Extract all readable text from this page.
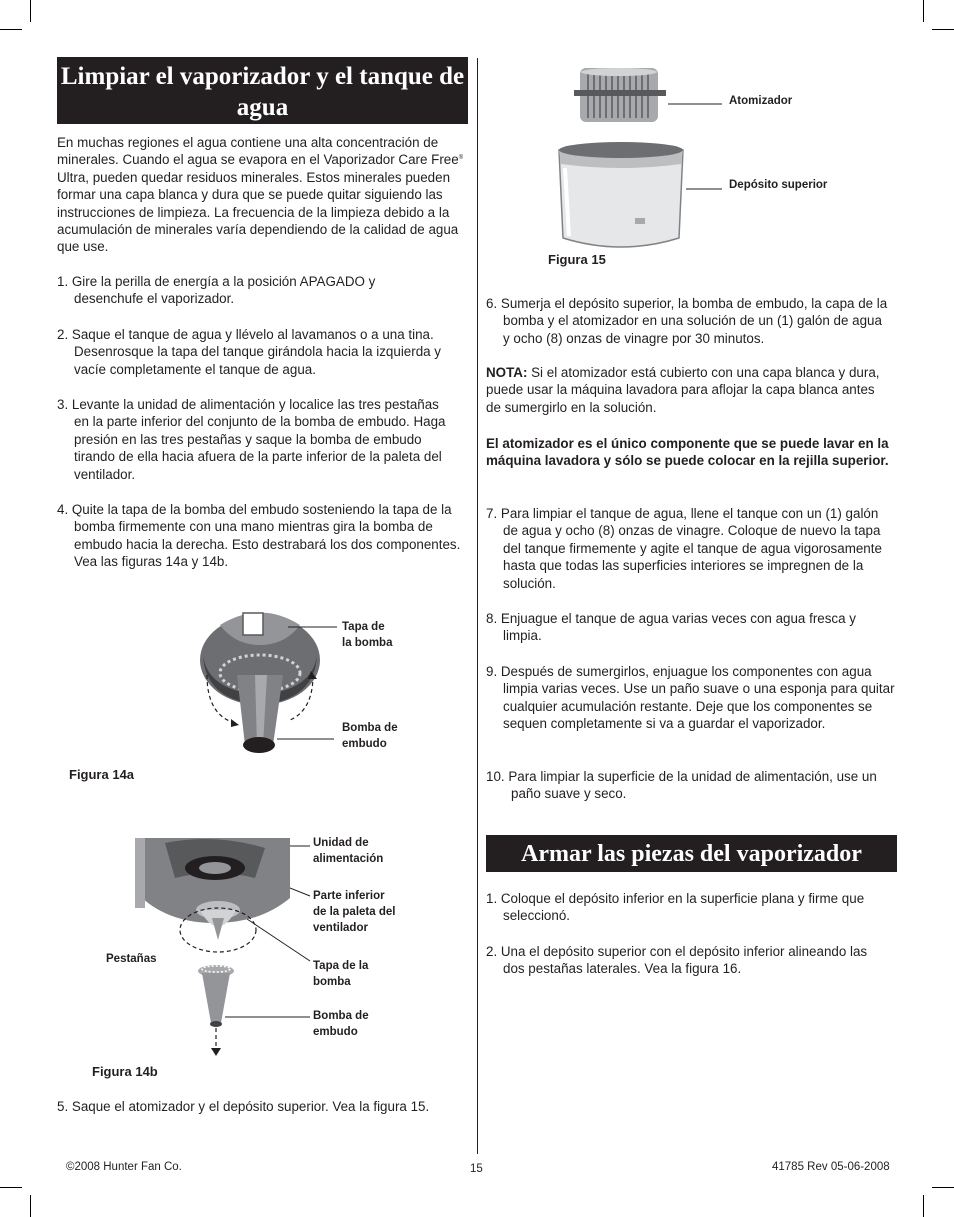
Limpiar el vaporizador y el tanque de agua
En muchas regiones el agua contiene una alta concentración de minerales. Cuando el agua se evapora en el Vaporizador Care Free® Ultra, pueden quedar residuos minerales. Estos minerales pueden formar una capa blanca y dura que se puede quitar siguiendo las instrucciones de limpieza. La frecuencia de la limpieza debido a la acumulación de minerales varía dependiendo de la calidad de agua que use.
1. Gire la perilla de energía a la posición APAGADO y desenchufe el vaporizador.
2. Saque el tanque de agua y llévelo al lavamanos o a una tina. Desenrosque la tapa del tanque girándola hacia la izquierda y vacíe completamente el tanque de agua.
3. Levante la unidad de alimentación y localice las tres pestañas en la parte inferior del conjunto de la bomba de embudo. Haga presión en las tres pestañas y saque la bomba de embudo tirando de ella hacia afuera de la parte inferior de la paleta del ventilador.
4. Quite la tapa de la bomba del embudo sosteniendo la tapa de la bomba firmemente con una mano mientras gira la bomba de embudo hacia la derecha. Esto destrabará los dos componentes. Vea las figuras 14a y 14b.
Tapa de
la bomba
Bomba de
embudo
Figura 14a
Unidad de
alimentación
Parte inferior
de la paleta del
ventilador
Tapa de la
bomba
Bomba de
embudo
Pestañas
Figura 14b
5. Saque el atomizador y el depósito superior. Vea la figura 15.
Atomizador
Depósito superior
Figura 15
6. Sumerja el depósito superior, la bomba de embudo, la capa de la bomba y el atomizador en una solución de un (1) galón de agua y ocho (8) onzas de vinagre por 30 minutos.
NOTA: Si el atomizador está cubierto con una capa blanca y dura, puede usar la máquina lavadora para aflojar la capa blanca antes de sumergirlo en la solución.
El atomizador es el único componente que se puede lavar en la máquina lavadora y sólo se puede colocar en la rejilla superior.
7. Para limpiar el tanque de agua, llene el tanque con un (1) galón de agua y ocho (8) onzas de vinagre. Coloque de nuevo la tapa del tanque firmemente y agite el tanque de agua vigorosamente hasta que todas las superficies interiores se impregnen de la solución.
8. Enjuague el tanque de agua varias veces con agua fresca y limpia.
9. Después de sumergirlos, enjuague los componentes con agua limpia varias veces. Use un paño suave o una esponja para quitar cualquier acumulación restante. Deje que los componentes se sequen completamente si va a guardar el vaporizador.
10. Para limpiar la superficie de la unidad de alimentación, use un paño suave y seco.
Armar las piezas del vaporizador
1. Coloque el depósito inferior en la superficie plana y firme que seleccionó.
2. Una el depósito superior con el depósito inferior alineando las dos pestañas laterales. Vea la figura 16.
©2008 Hunter Fan Co.	15	41785 Rev 05-06-2008
